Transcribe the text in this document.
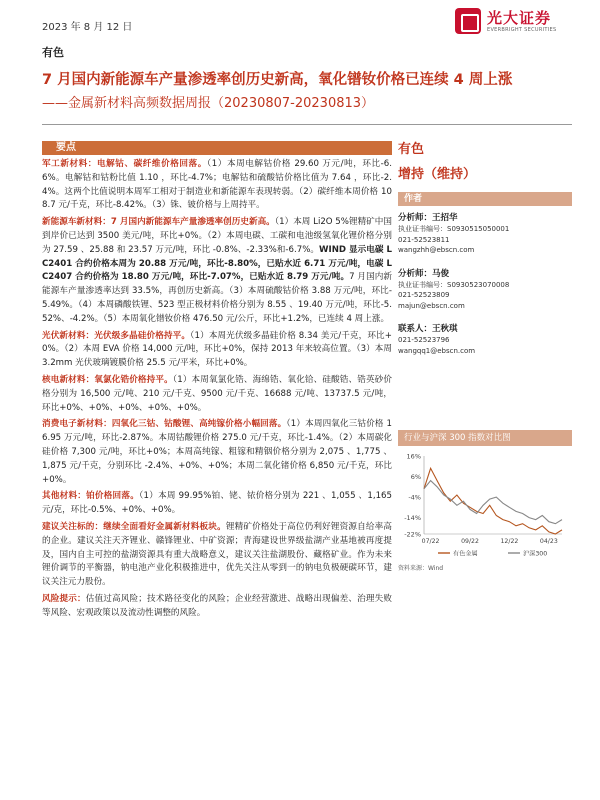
2023 年 8 月 12 日
光大证券
EVERBRIGHT SECURITIES
有色
7 月国内新能源车产量渗透率创历史新高，氧化镨钕价格已连续 4 周上涨
——金属新材料高频数据周报（20230807-20230813）
要点

军工新材料：电解钴、碳纤维价格回落。（1）本周电解钴价格 29.60 万元/吨，环比-6.6%。电解钴和钴粉比值 1.10 ，环比-4.7%；电解钴和硫酸钴价格比值为 7.64 ，环比-2.4%。这两个比值说明本周军工相对于制造业和新能源车表现转弱。（2）碳纤维本周价格 108.7 元/千克，环比-8.42%。（3）铢、铍价格与上周持平。

新能源车新材料：7 月国内新能源车产量渗透率创历史新高。（1）本周 Li2O 5%锂精矿中国到岸价已达到 3500 美元/吨，环比+0%。（2）本周电碳、工碳和电池级氢氧化锂价格分别为 27.59 、25.88 和 23.57 万元/吨，环比 -0.8%、-2.33%和-6.7%。WIND 显示电碳 LC2401 合约价格本周为 20.88 万元/吨，环比-8.80%，已贴水近 6.71 万元/吨，电碳 LC2407 合约价格为 18.80 万元/吨，环比-7.07%，已贴水近 8.79 万元/吨。7 月国内新能源车产量渗透率达到 33.5%，再创历史新高。（3）本周硫酸钴价格 3.88 万元/吨，环比-5.49%。（4）本周磷酸铁锂、523 型正极材料价格分别为 8.55 、19.40 万元/吨，环比-5.52%、-4.2%。（5）本周氧化镨钕价格 476.50 元/公斤，环比+1.2%，已连续 4 周上涨。

光伏新材料：光伏级多晶硅价格持平。（1）本周光伏级多晶硅价格 8.34 美元/千克，环比+0%。（2）本周 EVA 价格 14,000 元/吨，环比+0%，保持 2013 年来较高位置。（3）本周 3.2mm 光伏玻璃镀膜价格 25.5 元/平米，环比+0%。

核电新材料：氧氯化锆价格持平。（1）本周氧氯化锆、海绵锆、氧化铪、硅酸锆、锆英砂价格分别为 16,500 元/吨、210 元/千克、9500 元/千克、16688 元/吨、13737.5 元/吨，环比+0%、+0%、+0%、+0%、+0%。

消费电子新材料：四氧化三钴、钴酸锂、高纯镓价格小幅回落。（1）本周四氧化三钴价格 16.95 万元/吨，环比-2.87%。本周钴酸锂价格 275.0 元/千克，环比-1.4%。（2）本周碳化硅价格 7,300 元/吨，环比+0%；本周高纯镓、粗镓和精铟价格分别为 2,075 、1,775 、1,875 元/千克，分别环比 -2.4%、+0%、+0%；本周二氧化锗价格 6,850 元/千克，环比+0%。

其他材料：铂价格回落。（1）本周 99.95%铂、铑、铱价格分别为 221 、1,055 、1,165 元/克，环比-0.5%、+0%、+0%。

建议关注标的：继续全面看好金属新材料板块。锂精矿价格处于高位仍利好锂资源自给率高的企业。建议关注天齐锂业、赣锋锂业、中矿资源；青海建设世界级盐湖产业基地被再度提及，国内自主可控的盐湖资源具有重大战略意义，建议关注盐湖股份、藏格矿业。作为未来锂价调节的平衡器，钠电池产业化积极推进中，优先关注从零到一的钠电负极硬碳环节，建议关注元力股份。

风险提示：估值过高风险；技术路径变化的风险；企业经营激进、战略出现偏差、治理失败等风险、宏观政策以及流动性调整的风险。

有色
增持（维持）
作者
分析师：王招华
执业证书编号：S0930515050001
021-52523811
wangzhh@ebscn.com
分析师：马俊
执业证书编号：S0930523070008
021-52523809
majun@ebscn.com
联系人：王秋琪
021-52523796
wangqq1@ebscn.com
行业与沪深 300 指数对比图
16%
6%
-4%
-14%
-22%
07/22	09/22	12/22	04/23
有色金属	沪深300
资料来源：Wind
